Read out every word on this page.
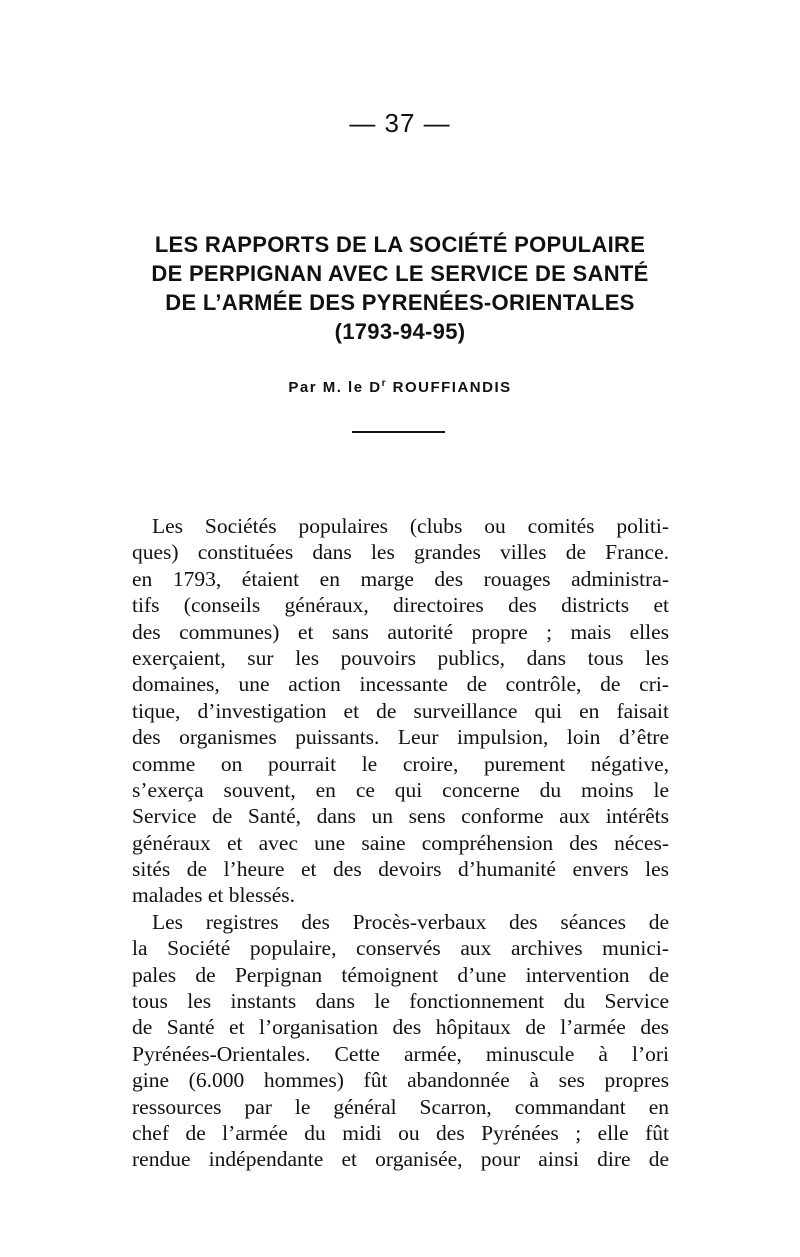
— 37 —
LES RAPPORTS DE LA SOCIÉTÉ POPULAIRE
DE PERPIGNAN AVEC LE SERVICE DE SANTÉ
DE L’ARMÉE DES PYRENÉES-ORIENTALES
(1793-94-95)
Par M. le $D^r$ ROUFFIANDIS
Les Sociétés populaires (clubs ou comités politi-
ques) constituées dans les grandes villes de France.
en 1793, étaient en marge des rouages administra-
tifs (conseils généraux, directoires des districts et
des communes) et sans autorité propre ; mais elles
exerçaient, sur les pouvoirs publics, dans tous les
domaines, une action incessante de contrôle, de cri-
tique, d’investigation et de surveillance qui en faisait
des organismes puissants. Leur impulsion, loin d’être
comme on pourrait le croire, purement négative,
s’exerça souvent, en ce qui concerne du moins le
Service de Santé, dans un sens conforme aux intérêts
généraux et avec une saine compréhension des néces-
sités de l’heure et des devoirs d’humanité envers les
malades et blessés.
Les registres des Procès-verbaux des séances de
la Société populaire, conservés aux archives munici-
pales de Perpignan témoignent d’une intervention de
tous les instants dans le fonctionnement du Service
de Santé et l’organisation des hôpitaux de l’armée des
Pyrénées-Orientales. Cette armée, minuscule à l’ori
gine (6.000 hommes) fût abandonnée à ses propres
ressources par le général Scarron, commandant en
chef de l’armée du midi ou des Pyrénées ; elle fût
rendue indépendante et organisée, pour ainsi dire de
